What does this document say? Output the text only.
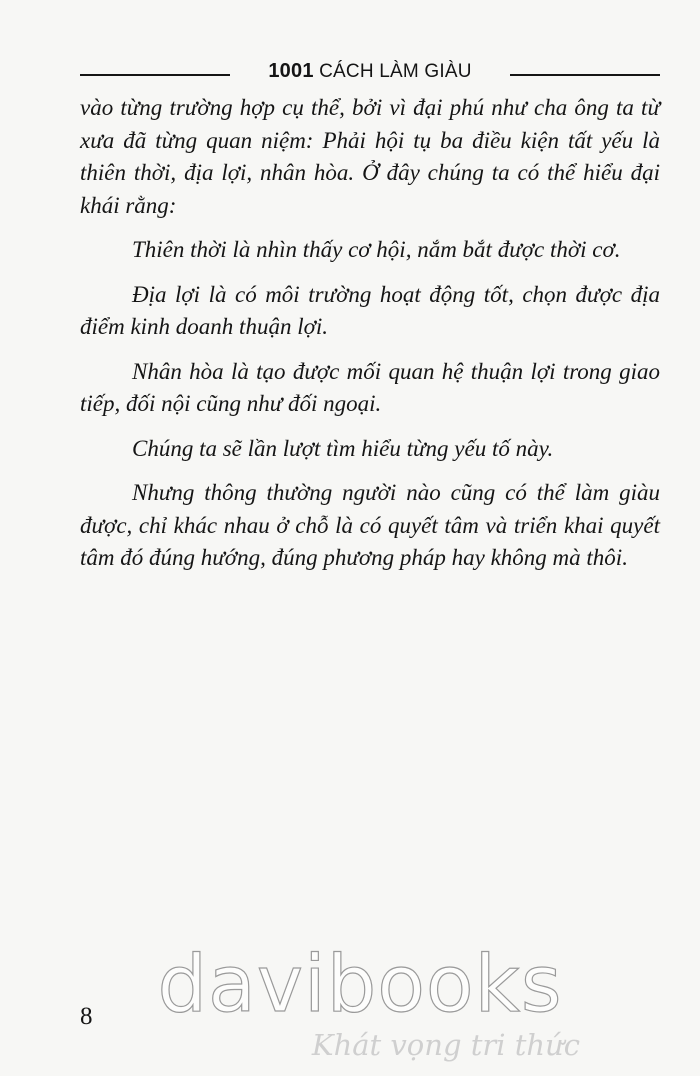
1001 CÁCH LÀM GIÀU

vào từng trường hợp cụ thể, bởi vì đại phú như cha ông ta từ xưa đã từng quan niệm: Phải hội tụ ba điều kiện tất yếu là thiên thời, địa lợi, nhân hòa. Ở đây chúng ta có thể hiểu đại khái rằng:

Thiên thời là nhìn thấy cơ hội, nắm bắt được thời cơ.

Địa lợi là có môi trường hoạt động tốt, chọn được địa điểm kinh doanh thuận lợi.

Nhân hòa là tạo được mối quan hệ thuận lợi trong giao tiếp, đối nội cũng như đối ngoại.

Chúng ta sẽ lần lượt tìm hiểu từng yếu tố này.

Nhưng thông thường người nào cũng có thể làm giàu được, chỉ khác nhau ở chỗ là có quyết tâm và triển khai quyết tâm đó đúng hướng, đúng phương pháp hay không mà thôi.

8 davibooks
Khát vọng tri thức
